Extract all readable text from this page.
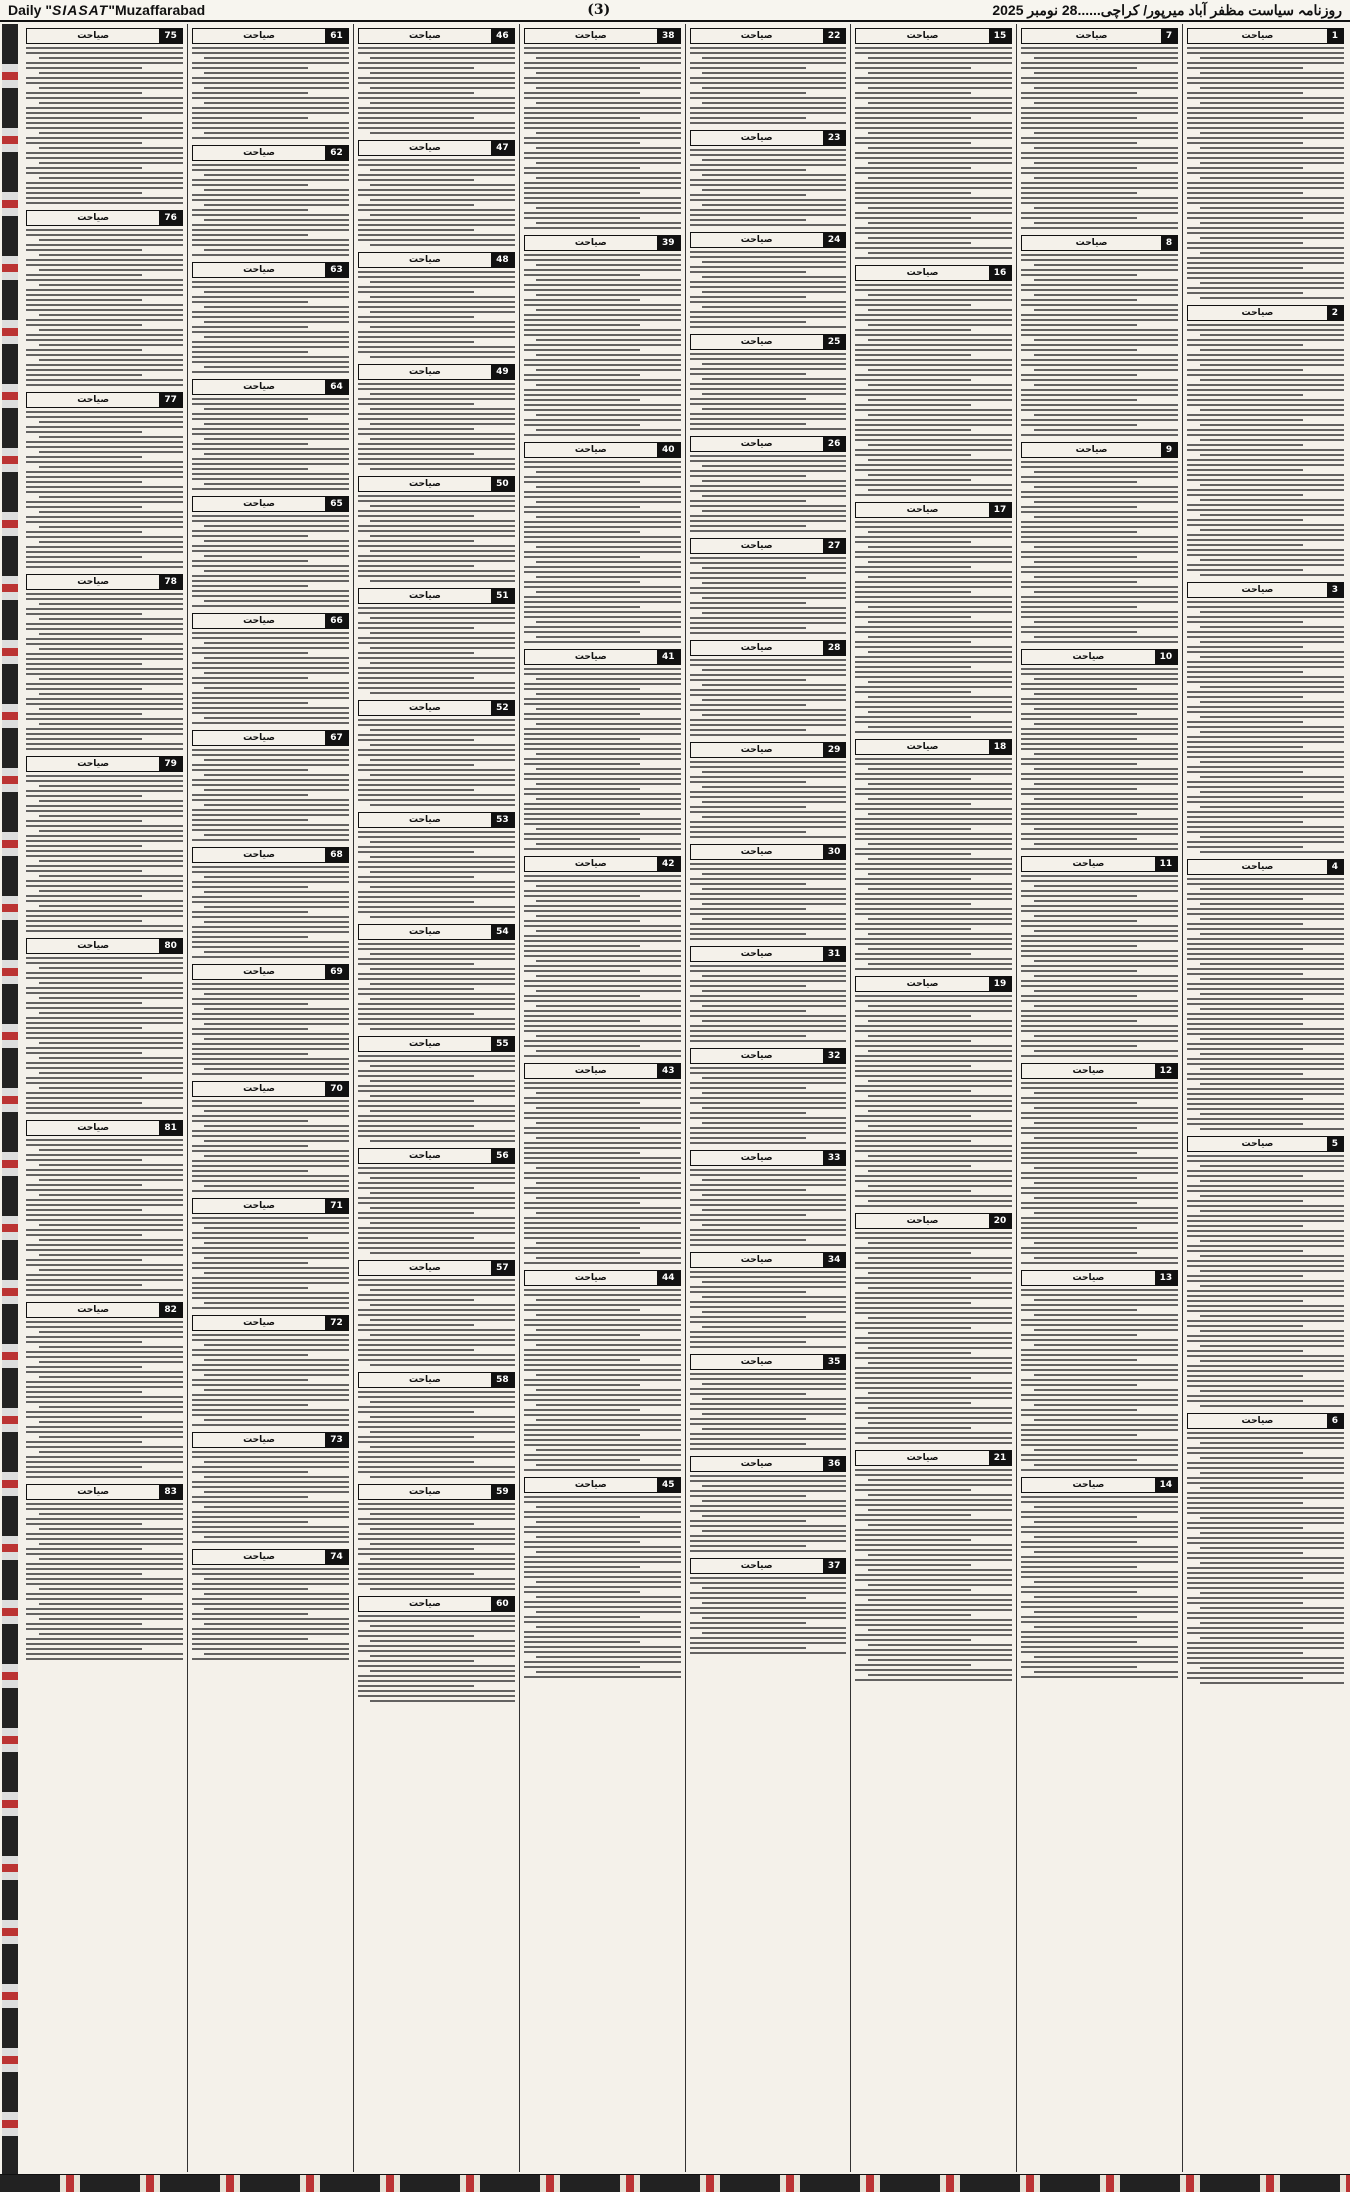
Daily "SIASAT"Muzaffarabad	(3)	روزنامہ سیاست مظفر آباد میرپور/ کراچی......28 نومبر 2025
1
صیاحت
2
صیاحت
3
صیاحت
4
صیاحت
5
صیاحت
6
صیاحت
7
صیاحت
8
صیاحت
9
صیاحت
10
صیاحت
11
صیاحت
12
صیاحت
13
صیاحت
14
صیاحت
15
صیاحت
16
صیاحت
17
صیاحت
18
صیاحت
19
صیاحت
20
صیاحت
21
صیاحت
22
صیاحت
23
صیاحت
24
صیاحت
25
صیاحت
26
صیاحت
27
صیاحت
28
صیاحت
29
صیاحت
30
صیاحت
31
صیاحت
32
صیاحت
33
صیاحت
34
صیاحت
35
صیاحت
36
صیاحت
37
صیاحت
38
صیاحت
39
صیاحت
40
صیاحت
41
صیاحت
42
صیاحت
43
صیاحت
44
صیاحت
45
صیاحت
46
صیاحت
47
صیاحت
48
صیاحت
49
صیاحت
50
صیاحت
51
صیاحت
52
صیاحت
53
صیاحت
54
صیاحت
55
صیاحت
56
صیاحت
57
صیاحت
58
صیاحت
59
صیاحت
60
صیاحت
61
صیاحت
62
صیاحت
63
صیاحت
64
صیاحت
65
صیاحت
66
صیاحت
67
صیاحت
68
صیاحت
69
صیاحت
70
صیاحت
71
صیاحت
72
صیاحت
73
صیاحت
74
صیاحت
75
صیاحت
76
صیاحت
77
صیاحت
78
صیاحت
79
صیاحت
80
صیاحت
81
صیاحت
82
صیاحت
83
صیاحت
